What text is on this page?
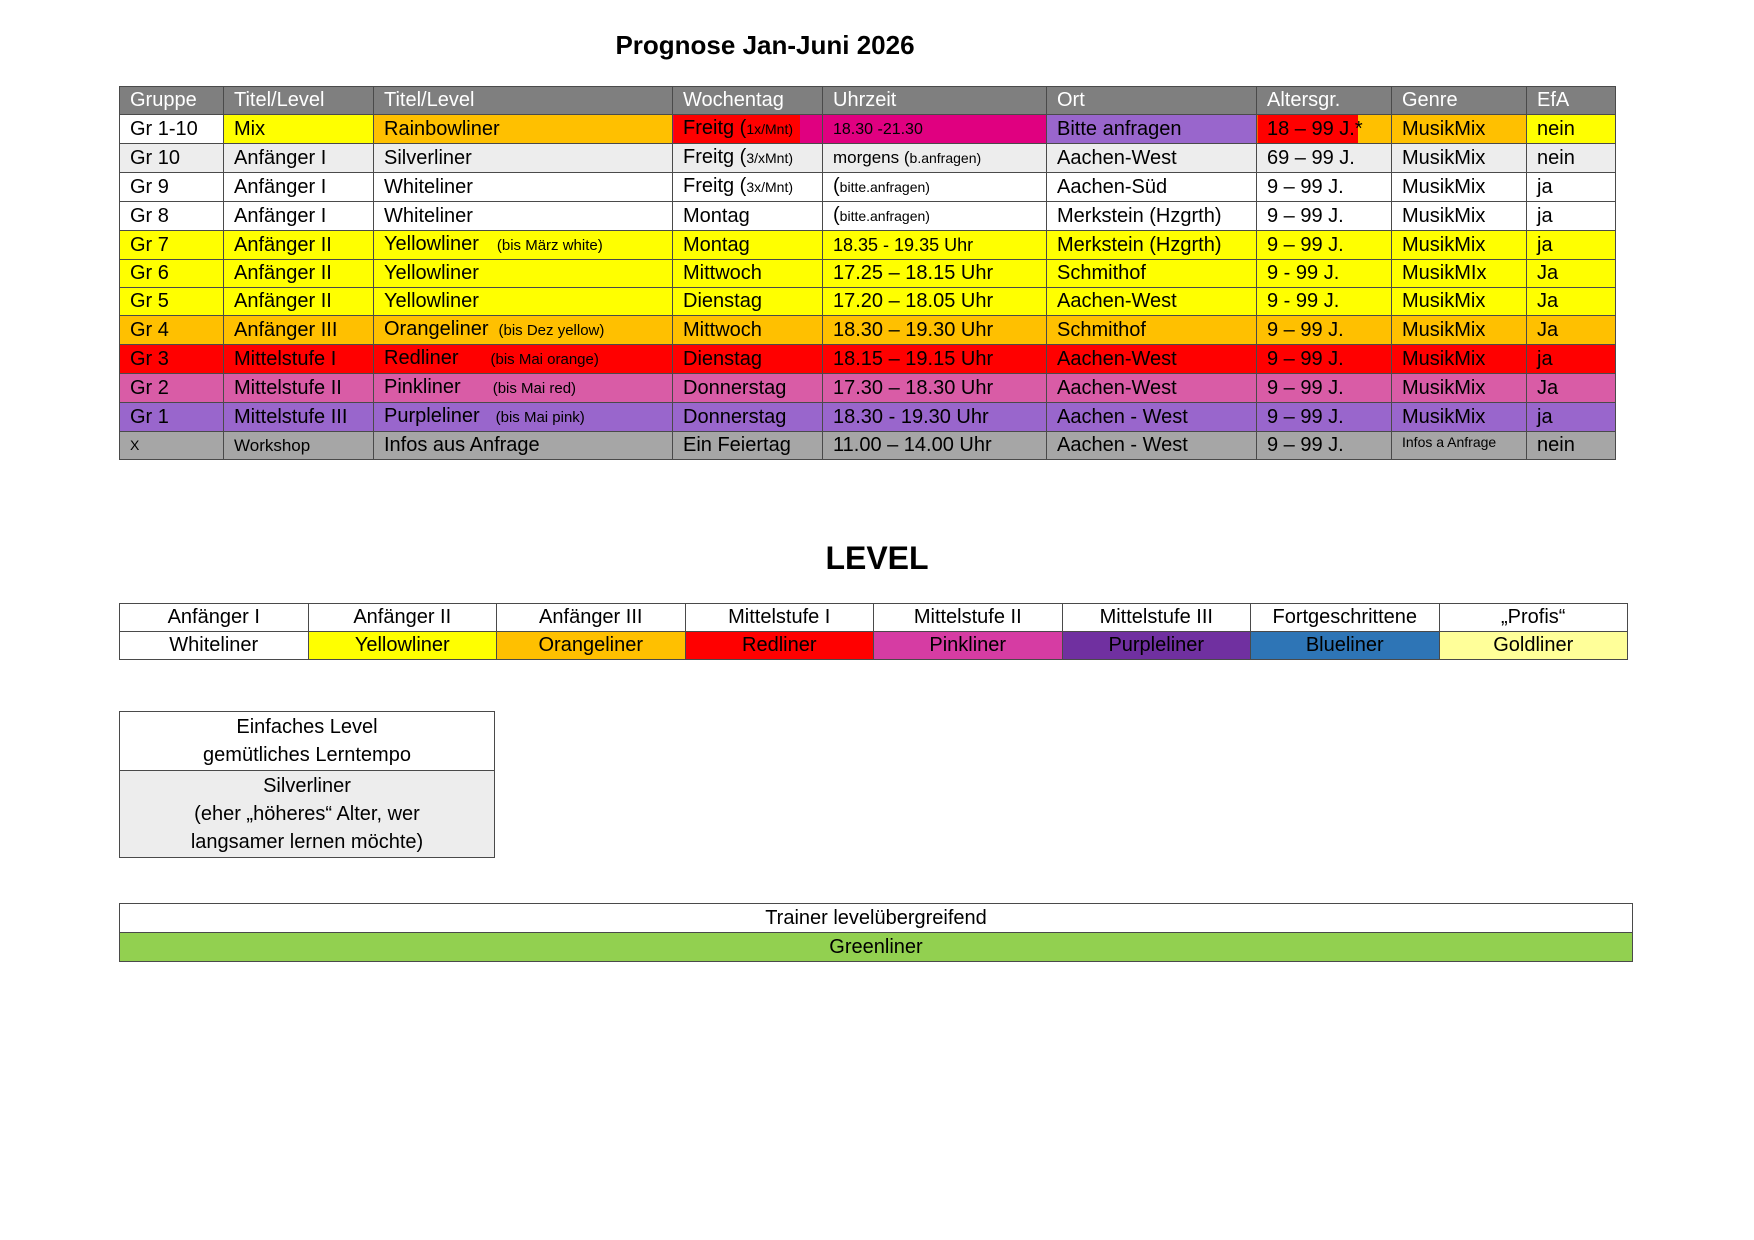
Prognose Jan-Juni 2026
Gruppe	Titel/Level	Titel/Level	Wochentag	Uhrzeit	Ort	Altersgr.	Genre	EfA
Gr 1-10	Mix	Rainbowliner	Freitg (1x/Mnt)	18.30 -21.30	Bitte anfragen	18 – 99 J.*	MusikMix	nein
Gr 10	Anfänger I	Silverliner	Freitg (3/xMnt)	morgens (b.anfragen)	Aachen-West	69 – 99 J.	MusikMix	nein
Gr 9	Anfänger I	Whiteliner	Freitg (3x/Mnt)	(bitte.anfragen)	Aachen-Süd	9 – 99 J.	MusikMix	ja
Gr 8	Anfänger I	Whiteliner	Montag	(bitte.anfragen)	Merkstein (Hzgrth)	9 – 99 J.	MusikMix	ja
Gr 7	Anfänger II	Yellowliner (bis März white)	Montag	18.35 - 19.35 Uhr	Merkstein (Hzgrth)	9 – 99 J.	MusikMix	ja
Gr 6	Anfänger II	Yellowliner	Mittwoch	17.25 – 18.15 Uhr	Schmithof	9 - 99 J.	MusikMIx	Ja
Gr 5	Anfänger II	Yellowliner	Dienstag	17.20 – 18.05 Uhr	Aachen-West	9 - 99 J.	MusikMix	Ja
Gr 4	Anfänger III	Orangeliner (bis Dez yellow)	Mittwoch	18.30 – 19.30 Uhr	Schmithof	9 – 99 J.	MusikMix	Ja
Gr 3	Mittelstufe I	Redliner (bis Mai orange)	Dienstag	18.15 – 19.15 Uhr	Aachen-West	9 – 99 J.	MusikMix	ja
Gr 2	Mittelstufe II	Pinkliner (bis Mai red)	Donnerstag	17.30 – 18.30 Uhr	Aachen-West	9 – 99 J.	MusikMix	Ja
Gr 1	Mittelstufe III	Purpleliner (bis Mai pink)	Donnerstag	18.30 - 19.30 Uhr	Aachen - West	9 – 99 J.	MusikMix	ja
X	Workshop	Infos aus Anfrage	Ein Feiertag	11.00 – 14.00 Uhr	Aachen - West	9 – 99 J.	Infos a Anfrage	nein
LEVEL
Anfänger I	Anfänger II	Anfänger III	Mittelstufe I	Mittelstufe II	Mittelstufe III	Fortgeschrittene	„Profis“
Whiteliner	Yellowliner	Orangeliner	Redliner	Pinkliner	Purpleliner	Blueliner	Goldliner
Einfaches Level
gemütliches Lerntempo

Silverliner
(eher „höheres“ Alter, wer
langsamer lernen möchte)
Trainer levelübergreifend
Greenliner
